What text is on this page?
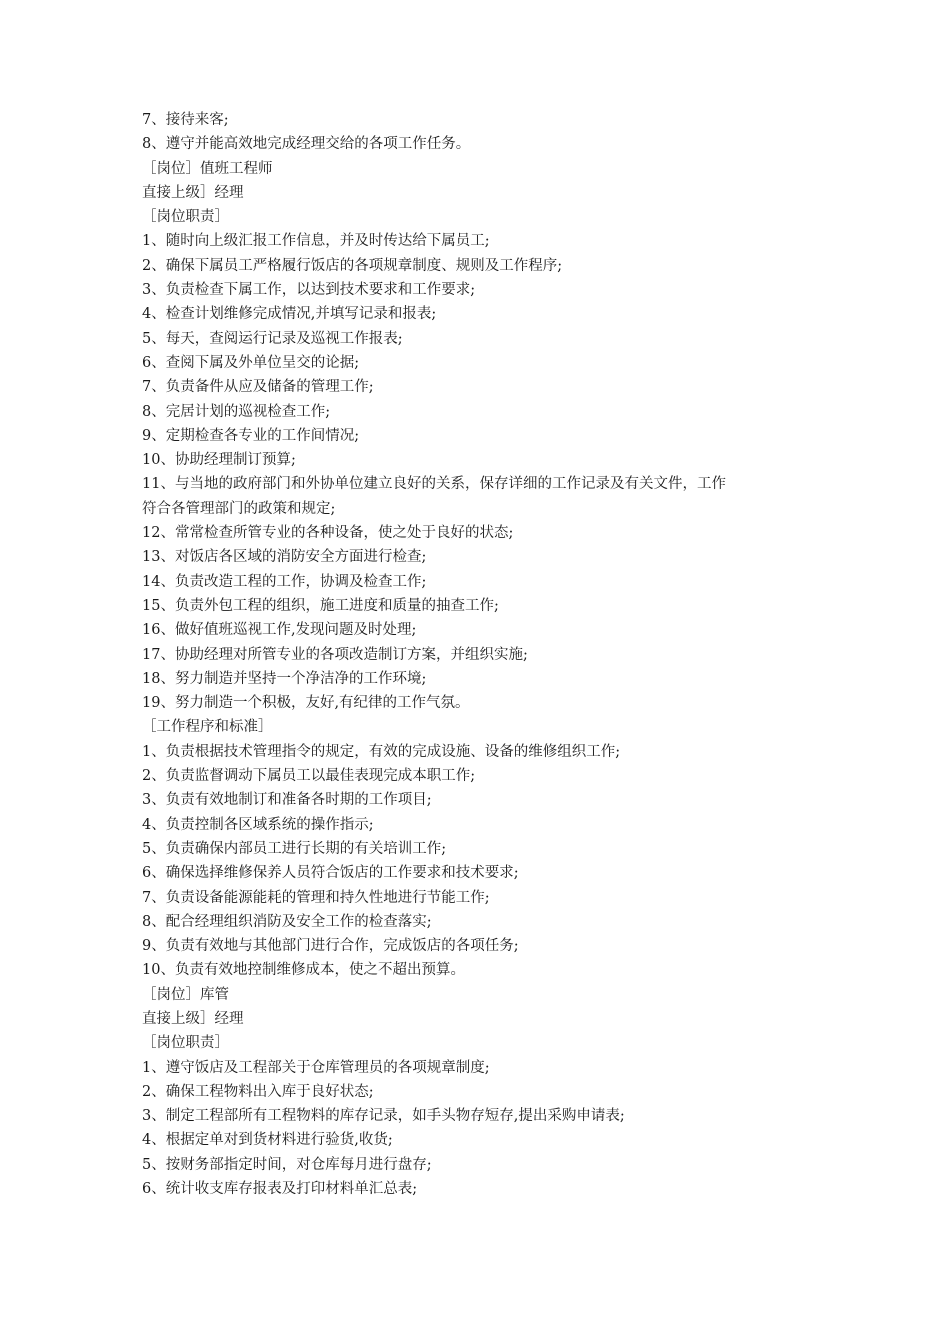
7、接待来客;

8、遵守并能高效地完成经理交给的各项工作任务。

［岗位］值班工程师

直接上级］经理

［岗位职责］

1、随时向上级汇报工作信息，并及时传达给下属员工;

2、确保下属员工严格履行饭店的各项规章制度、规则及工作程序;

3、负责检查下属工作，以达到技术要求和工作要求;

4、检查计划维修完成情况,并填写记录和报表;

5、每天，查阅运行记录及巡视工作报表;

6、查阅下属及外单位呈交的论据;

7、负责备件从应及储备的管理工作;

8、完居计划的巡视检查工作;

9、定期检查各专业的工作间情况;

10、协助经理制订预算;

11、与当地的政府部门和外协单位建立良好的关系，保存详细的工作记录及有关文件，工作

符合各管理部门的政策和规定;

12、常常检查所管专业的各种设备，使之处于良好的状态;

13、对饭店各区域的消防安全方面进行检查;

14、负责改造工程的工作，协调及检查工作;

15、负责外包工程的组织，施工进度和质量的抽查工作;

16、做好值班巡视工作,发现问题及时处理;

17、协助经理对所管专业的各项改造制订方案，并组织实施;

18、努力制造并坚持一个净洁净的工作环境;

19、努力制造一个积极，友好,有纪律的工作气氛。

［工作程序和标准］

1、负责根据技术管理指令的规定，有效的完成设施、设备的维修组织工作;

2、负责监督调动下属员工以最佳表现完成本职工作;

3、负责有效地制订和准备各时期的工作项目;

4、负责控制各区域系统的操作指示;

5、负责确保内部员工进行长期的有关培训工作;

6、确保选择维修保养人员符合饭店的工作要求和技术要求;

7、负责设备能源能耗的管理和持久性地进行节能工作;

8、配合经理组织消防及安全工作的检查落实;

9、负责有效地与其他部门进行合作，完成饭店的各项任务;

10、负责有效地控制维修成本，使之不超出预算。

［岗位］库管

直接上级］经理

［岗位职责］

1、遵守饭店及工程部关于仓库管理员的各项规章制度;

2、确保工程物料出入库于良好状态;

3、制定工程部所有工程物料的库存记录，如手头物存短存,提出采购申请表;

4、根据定单对到货材料进行验货,收货;

5、按财务部指定时间，对仓库每月进行盘存;

6、统计收支库存报表及打印材料单汇总表;
